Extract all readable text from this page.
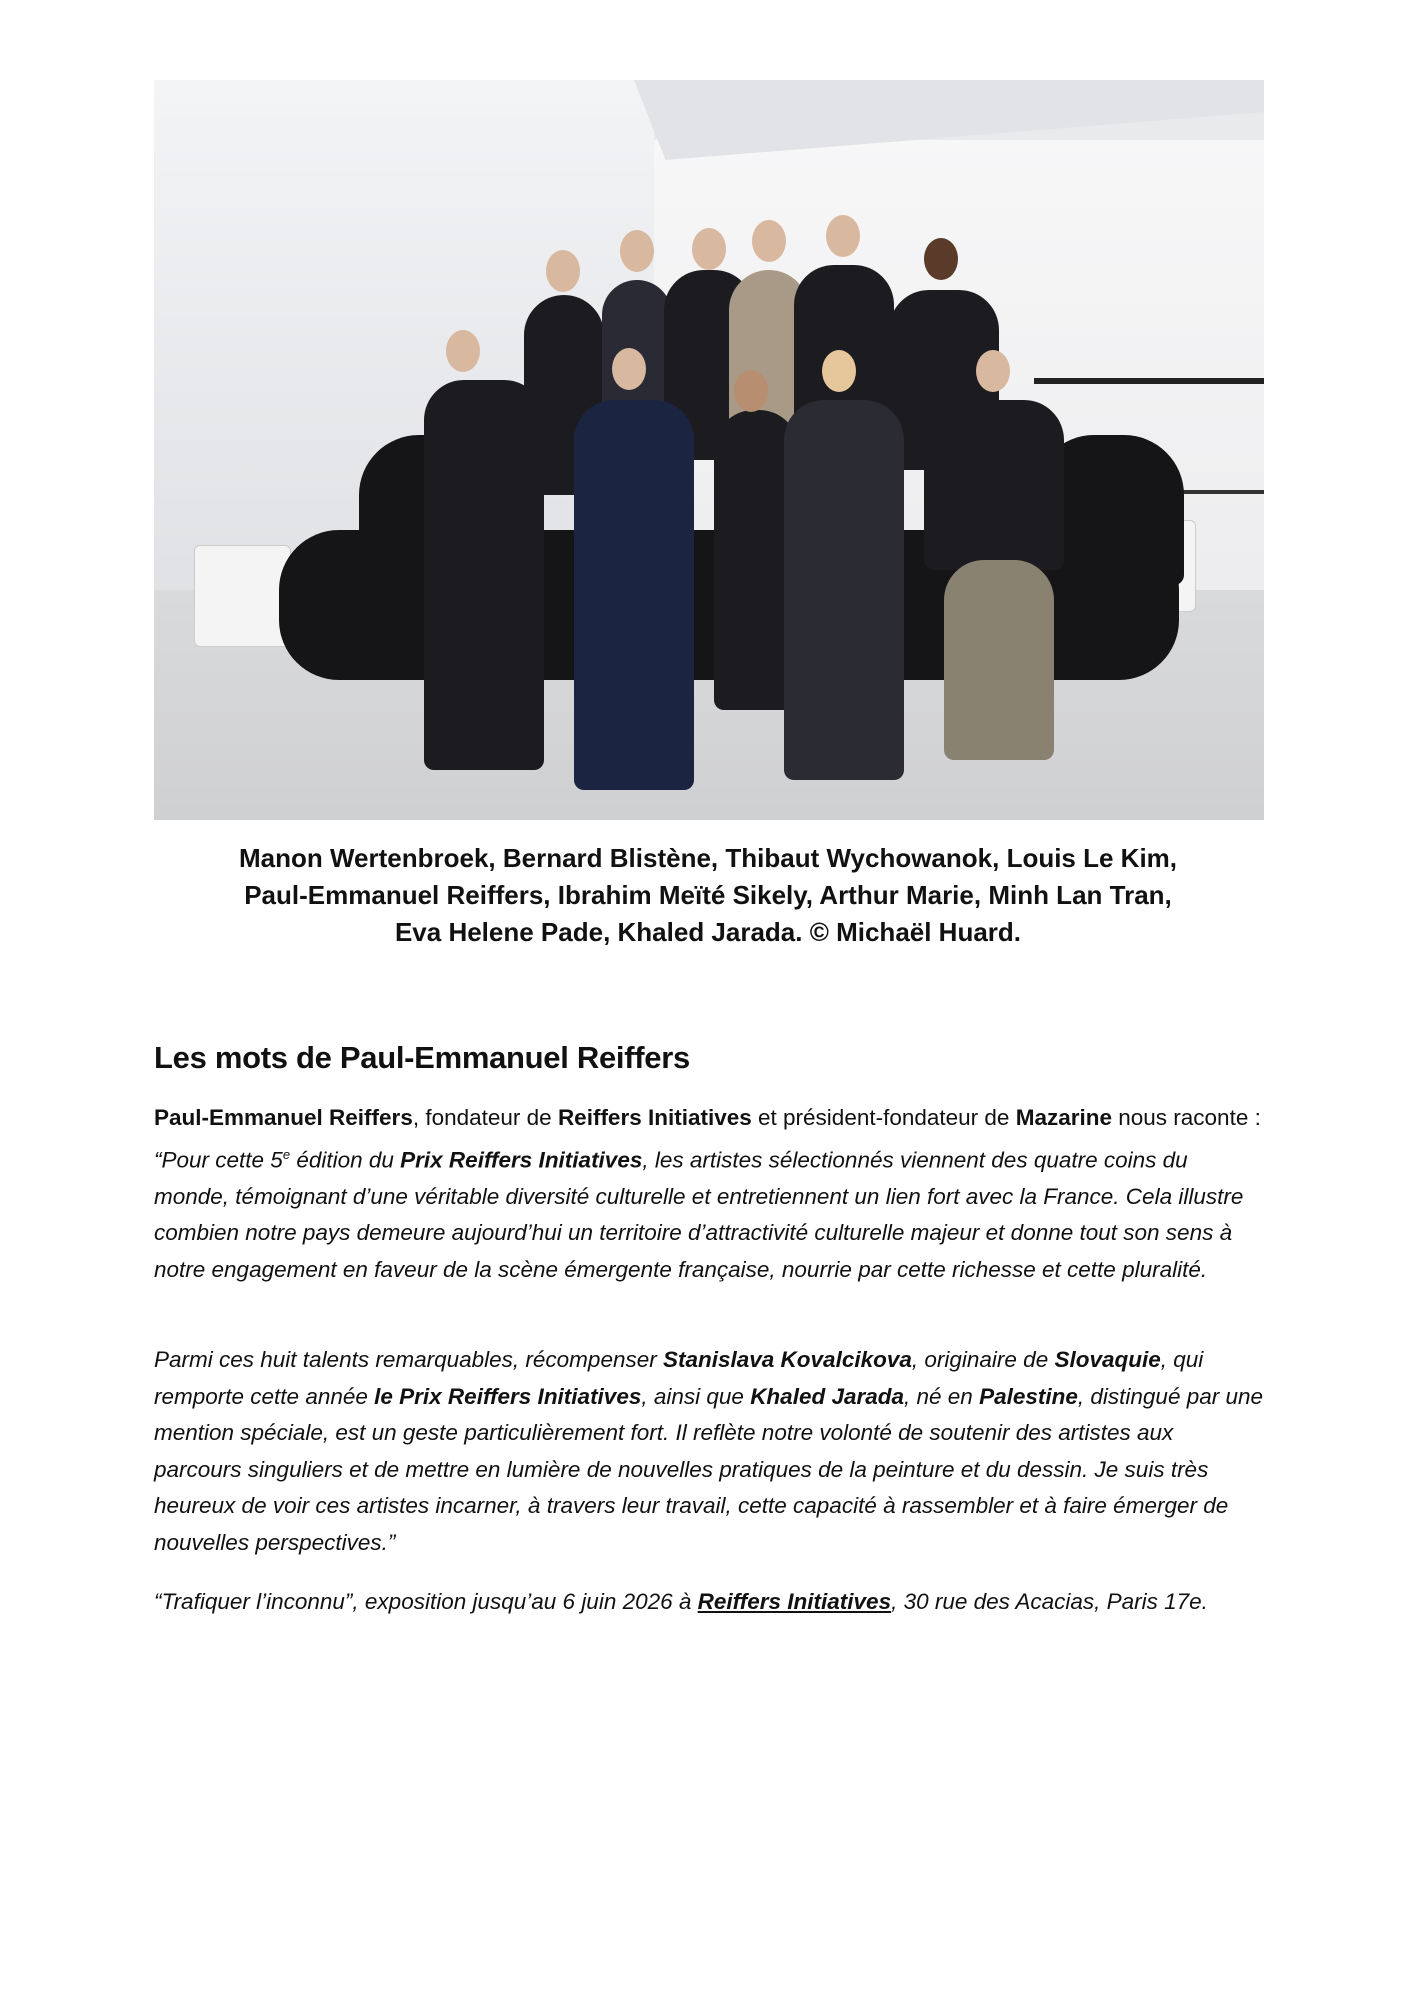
Manon Wertenbroek, Bernard Blistène, Thibaut Wychowanok, Louis Le Kim,
Paul-Emmanuel Reiffers, Ibrahim Meïté Sikely, Arthur Marie, Minh Lan Tran,
Eva Helene Pade, Khaled Jarada. © Michaël Huard.
Les mots de Paul-Emmanuel Reiffers

Paul-Emmanuel Reiffers, fondateur de Reiffers Initiatives et président-fondateur de Mazarine nous raconte : “Pour cette 5e édition du Prix Reiffers Initiatives, les artistes sélectionnés viennent des quatre coins du monde, témoignant d’une véritable diversité culturelle et entretiennent un lien fort avec la France. Cela illustre combien notre pays demeure aujourd’hui un territoire d’attractivité culturelle majeur et donne tout son sens à notre engagement en faveur de la scène émergente française, nourrie par cette richesse et cette pluralité.

Parmi ces huit talents remarquables, récompenser Stanislava Kovalcikova, originaire de Slovaquie, qui remporte cette année le Prix Reiffers Initiatives, ainsi que Khaled Jarada, né en Palestine, distingué par une mention spéciale, est un geste particulièrement fort. Il reflète notre volonté de soutenir des artistes aux parcours singuliers et de mettre en lumière de nouvelles pratiques de la peinture et du dessin. Je suis très heureux de voir ces artistes incarner, à travers leur travail, cette capacité à rassembler et à faire émerger de nouvelles perspectives.”

“Trafiquer l’inconnu”, exposition jusqu’au 6 juin 2026 à Reiffers Initiatives, 30 rue des Acacias, Paris 17e.
